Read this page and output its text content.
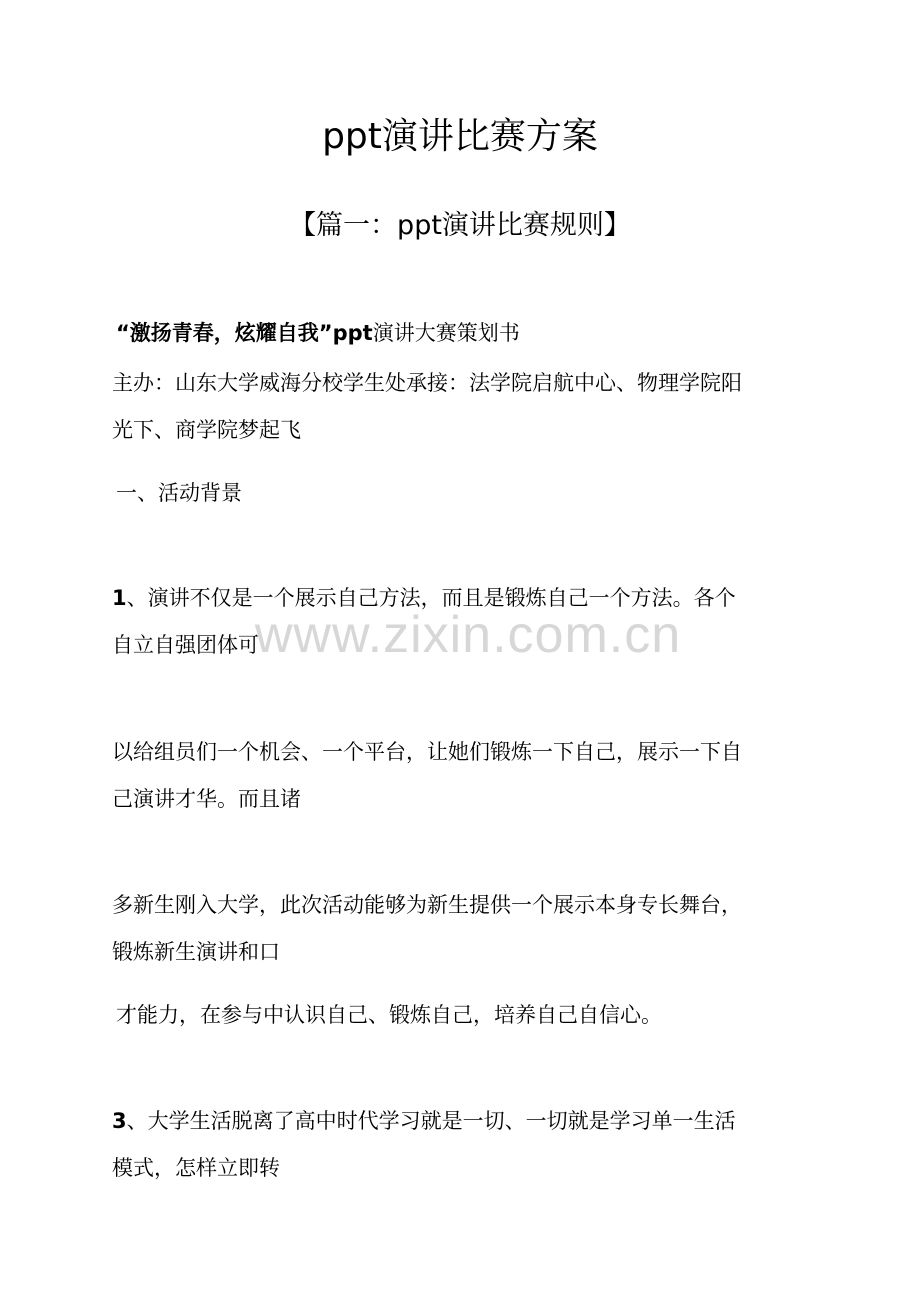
ppt演讲比赛方案
【篇一：ppt演讲比赛规则】
“激扬青春，炫耀自我”ppt演讲大赛策划书
主办：山东大学威海分校学生处承接：法学院启航中心、物理学院阳
光下、商学院梦起飞
一、活动背景
1、演讲不仅是一个展示自己方法，而且是锻炼自己一个方法。各个
自立自强团体可
以给组员们一个机会、一个平台，让她们锻炼一下自己，展示一下自
己演讲才华。而且诸
多新生刚入大学，此次活动能够为新生提供一个展示本身专长舞台，
锻炼新生演讲和口
才能力，在参与中认识自己、锻炼自己，培养自己自信心。
3、大学生活脱离了高中时代学习就是一切、一切就是学习单一生活
模式，怎样立即转
www.zixin.com.cn
